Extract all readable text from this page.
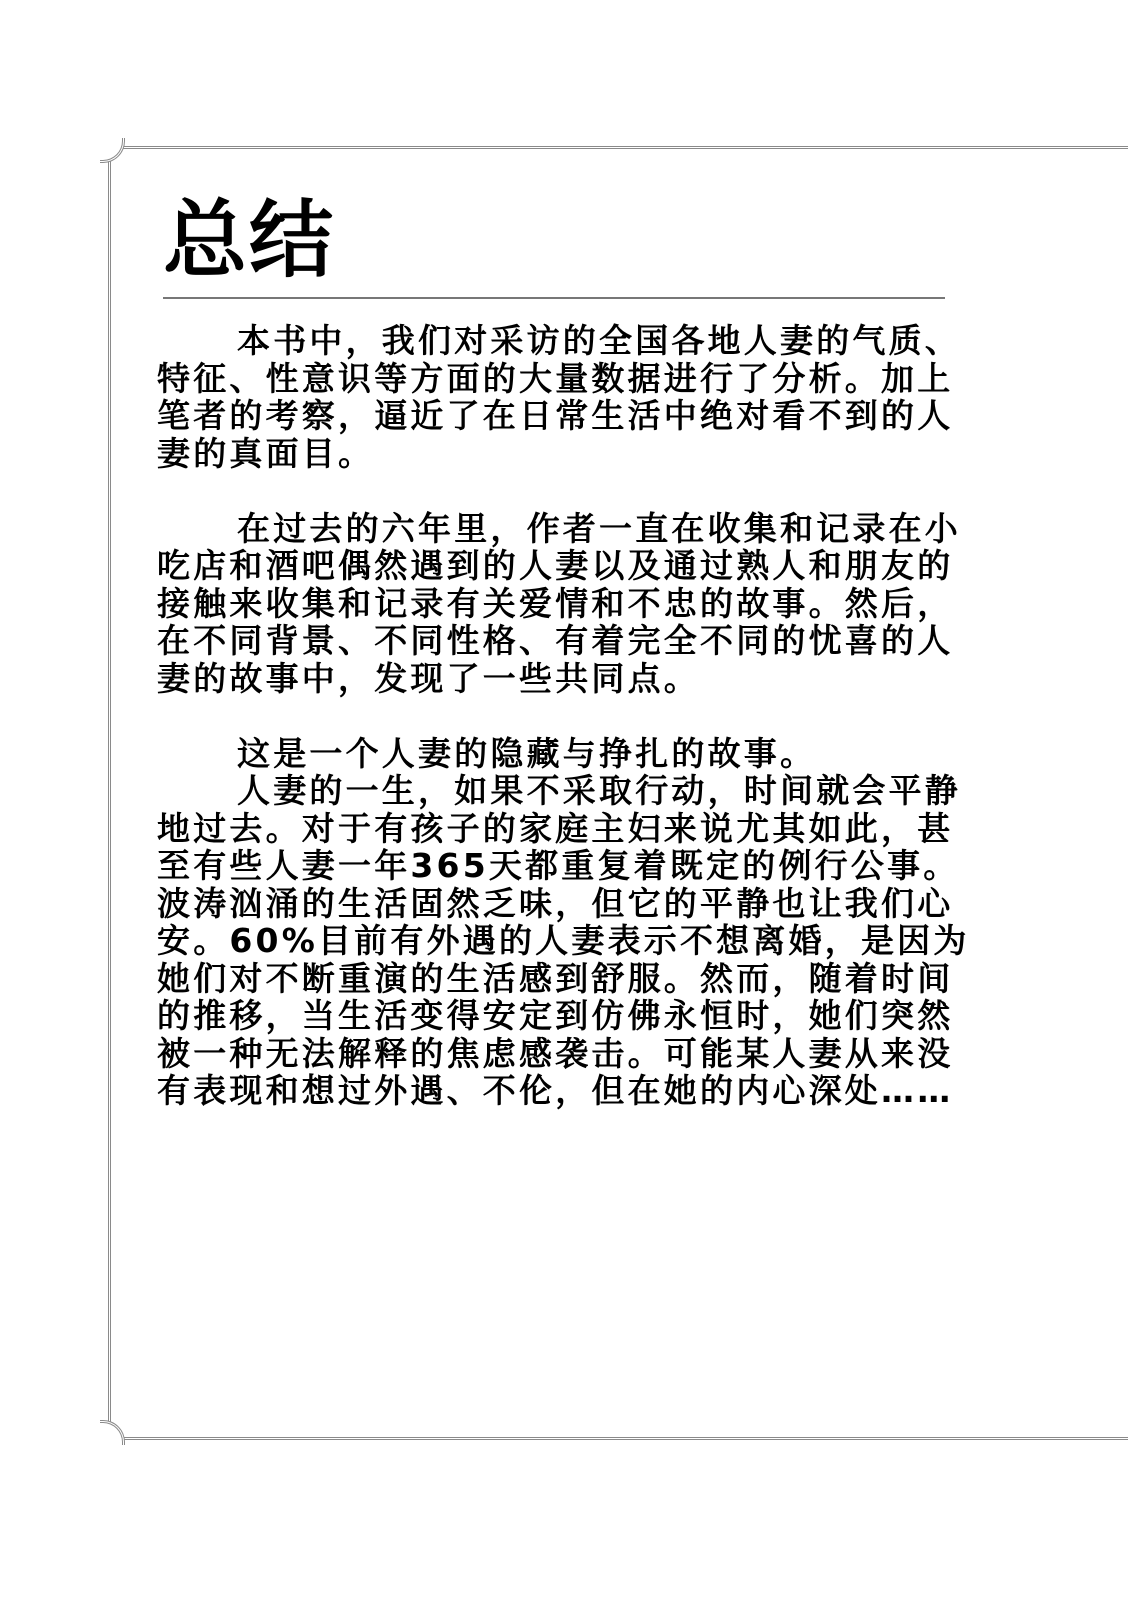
总结
本书中，我们对采访的全国各地人妻的气质、
特征、性意识等方面的大量数据进行了分析。加上
笔者的考察，逼近了在日常生活中绝对看不到的人
妻的真面目。
在过去的六年里，作者一直在收集和记录在小
吃店和酒吧偶然遇到的人妻以及通过熟人和朋友的
接触来收集和记录有关爱情和不忠的故事。然后，
在不同背景、不同性格、有着完全不同的忧喜的人
妻的故事中，发现了一些共同点。
这是一个人妻的隐藏与挣扎的故事。
人妻的一生，如果不采取行动，时间就会平静
地过去。对于有孩子的家庭主妇来说尤其如此，甚
至有些人妻一年365天都重复着既定的例行公事。
波涛汹涌的生活固然乏味，但它的平静也让我们心
安。60%目前有外遇的人妻表示不想离婚，是因为
她们对不断重演的生活感到舒服。然而，随着时间
的推移，当生活变得安定到仿佛永恒时，她们突然
被一种无法解释的焦虑感袭击。可能某人妻从来没
有表现和想过外遇、不伦，但在她的内心深处……
